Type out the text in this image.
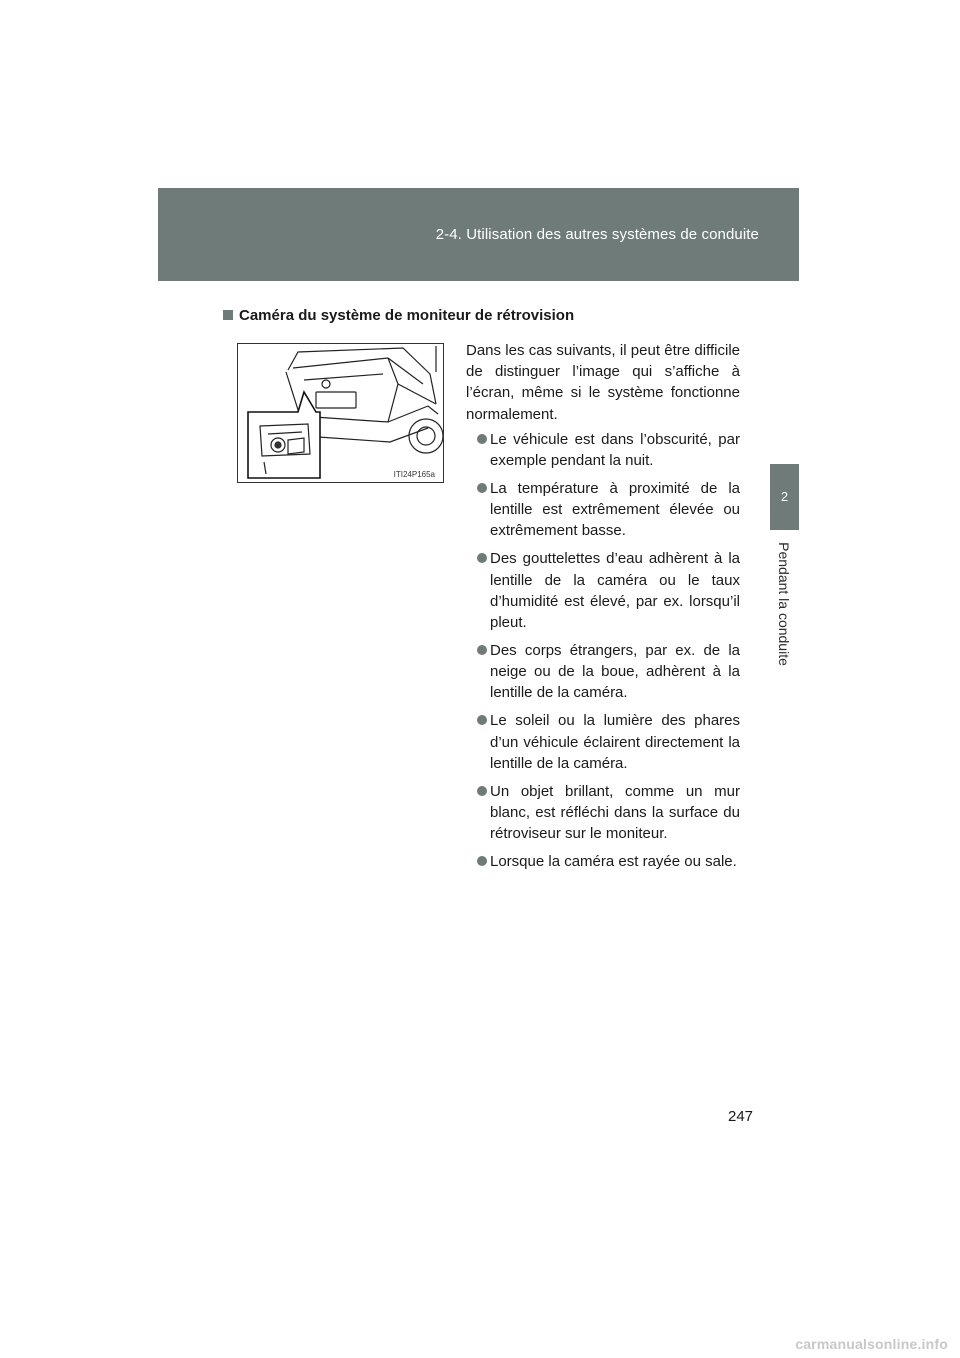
2-4. Utilisation des autres systèmes de conduite
2
Pendant la conduite
Caméra du système de moniteur de rétrovision
ITI24P165a

Dans les cas suivants, il peut être difficile de distinguer l’image qui s’affiche à l’écran, même si le système fonctionne normalement.

Le véhicule est dans l’obscurité, par exemple pendant la nuit.
La température à proximité de la lentille est extrêmement élevée ou extrêmement basse.
Des gouttelettes d’eau adhèrent à la lentille de la caméra ou le taux d’humidité est élevé, par ex. lorsqu’il pleut.
Des corps étrangers, par ex. de la neige ou de la boue, adhèrent à la lentille de la caméra.
Le soleil ou la lumière des phares d’un véhicule éclairent directement la lentille de la caméra.
Un objet brillant, comme un mur blanc, est réfléchi dans la surface du rétroviseur sur le moniteur.
Lorsque la caméra est rayée ou sale.
247
carmanualsonline.info
